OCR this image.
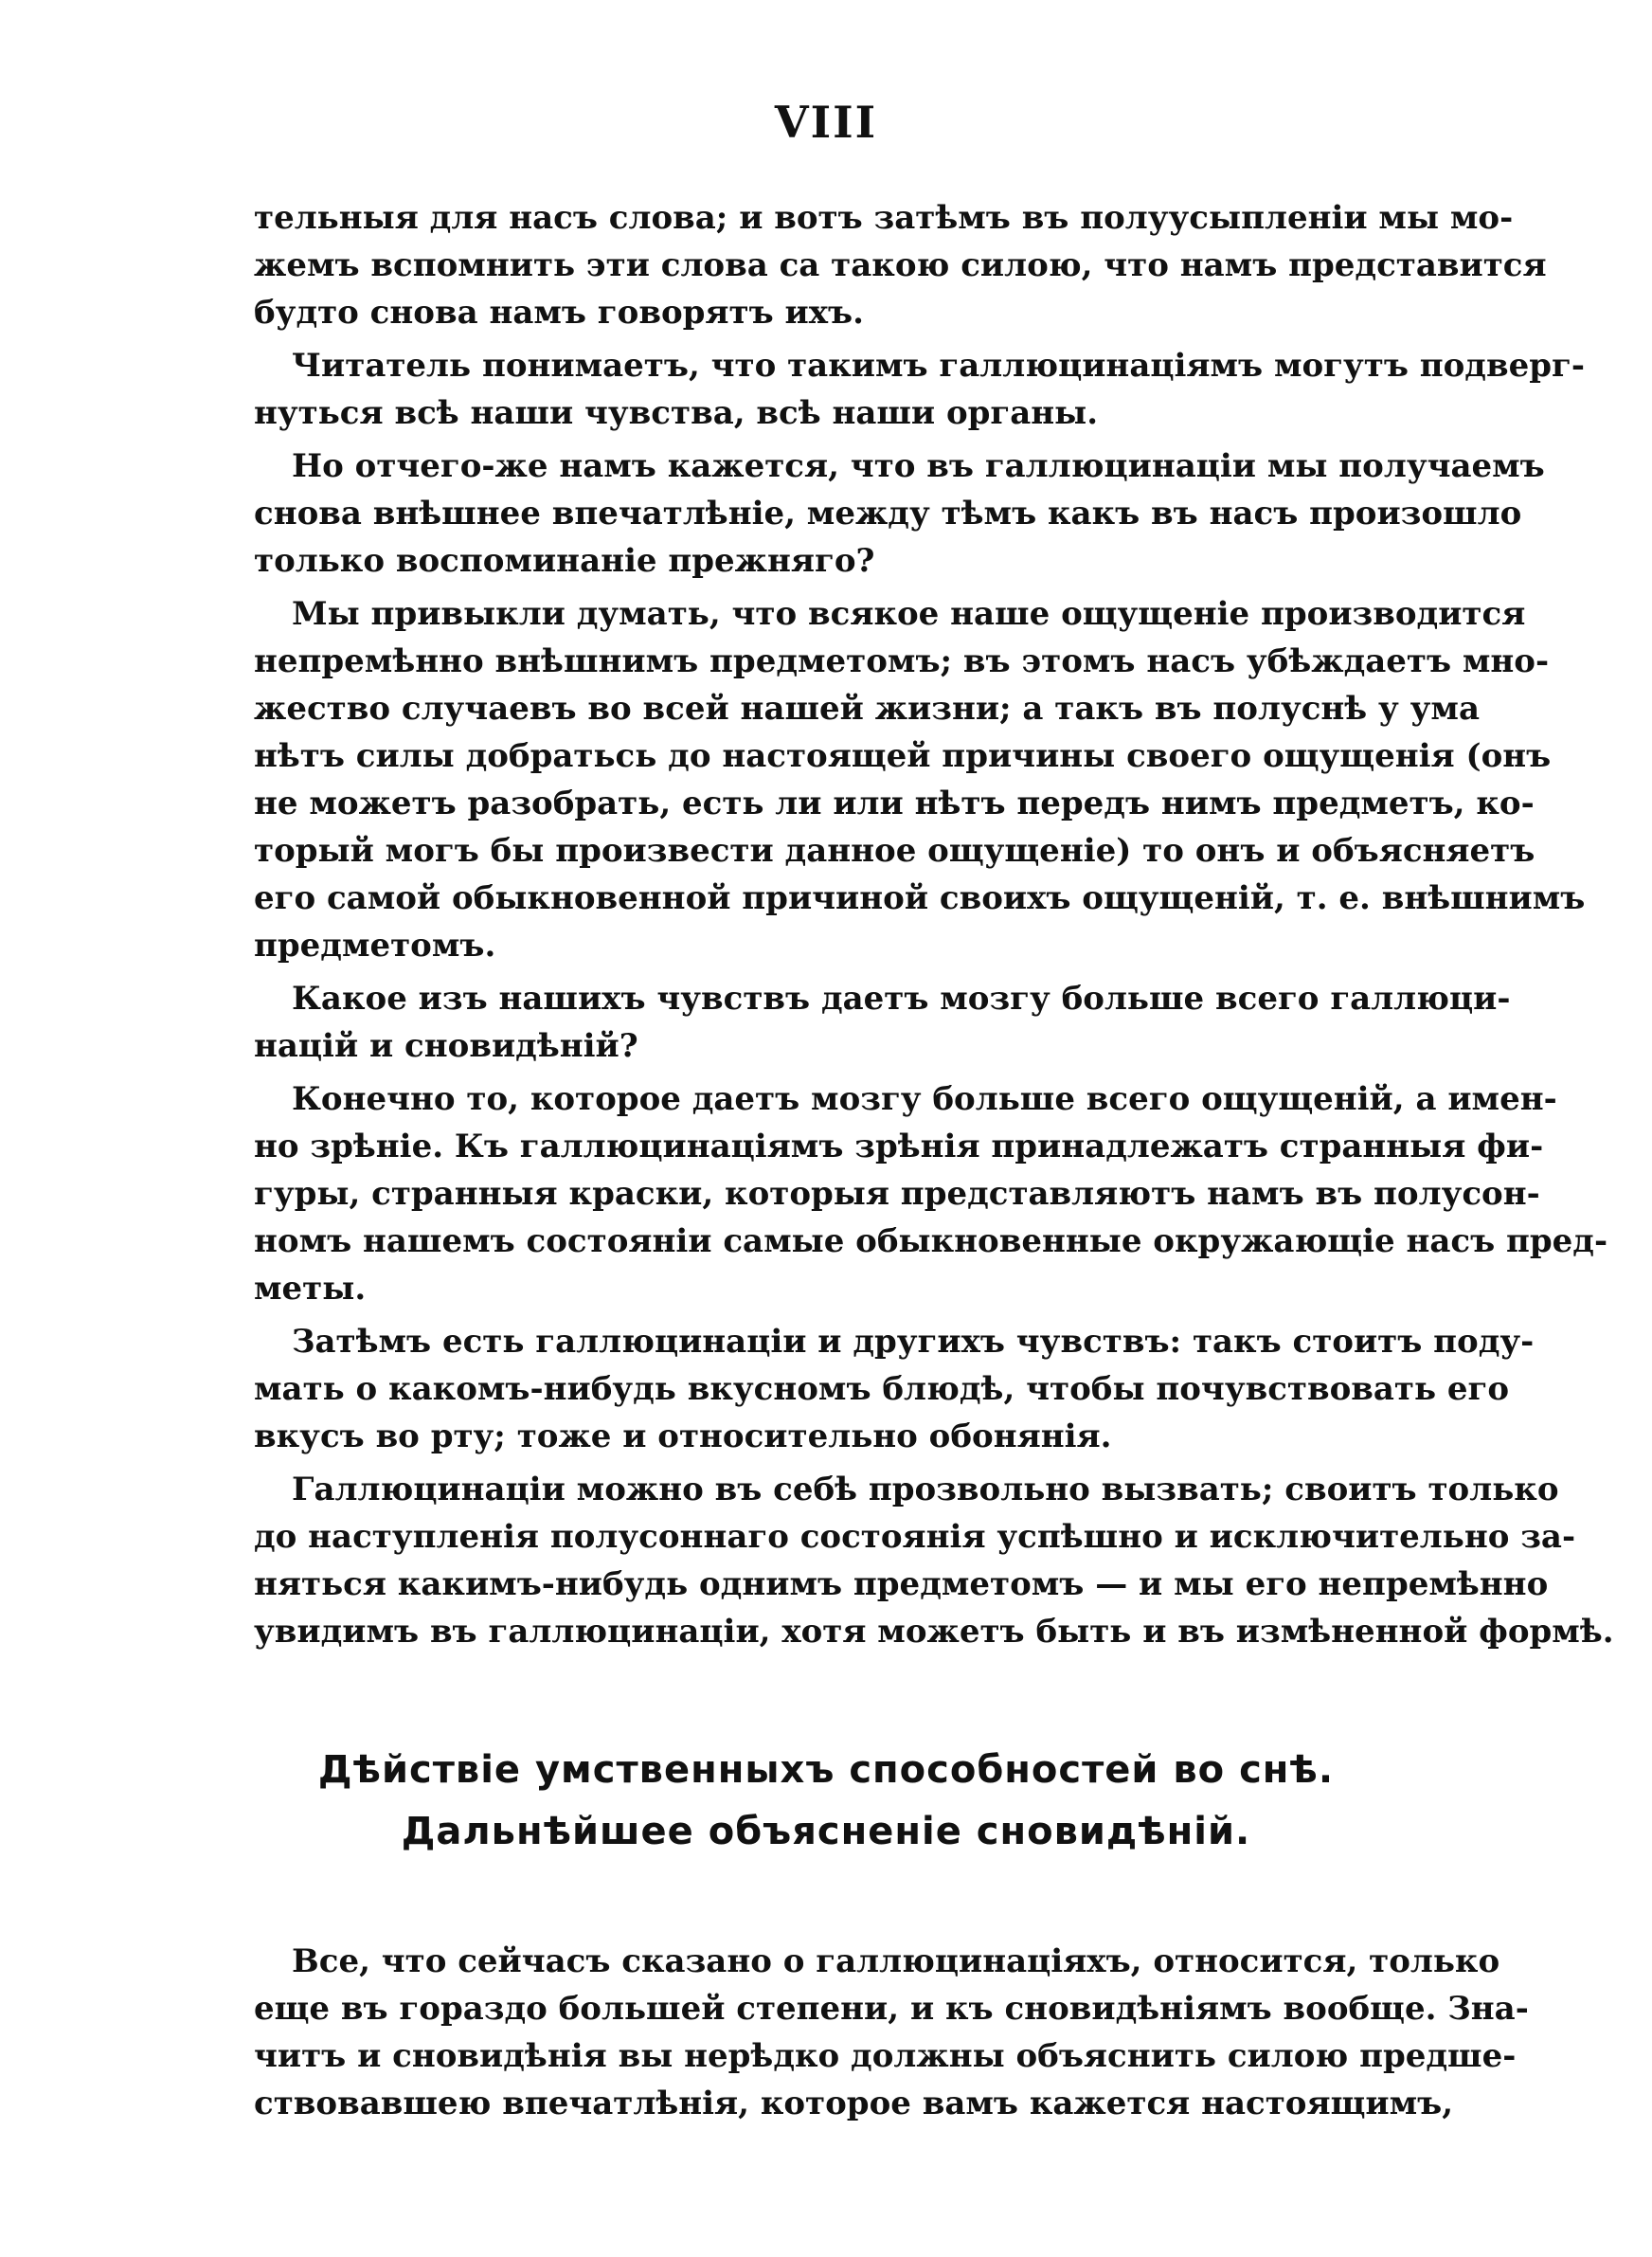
VIII
тельныя для насъ слова; и вотъ затѣмъ въ полуусыпленіи мы мо-
жемъ вспомнить эти слова са такою силою, что намъ представится
будто снова намъ говорятъ ихъ.
Читатель понимаетъ, что такимъ галлюцинаціямъ могутъ подверг-
нуться всѣ наши чувства, всѣ наши органы.
Но отчего-же намъ кажется, что въ галлюцинаціи мы получаемъ
снова внѣшнее впечатлѣніе, между тѣмъ какъ въ насъ произошло
только воспоминаніе прежняго?
Мы привыкли думать, что всякое наше ощущеніе производится
непремѣнно внѣшнимъ предметомъ; въ этомъ насъ убѣждаетъ мно-
жество случаевъ во всей нашей жизни; а такъ въ полуснѣ у ума
нѣтъ силы добратьсь до настоящей причины своего ощущенія (онъ
не можетъ разобрать, есть ли или нѣтъ передъ нимъ предметъ, ко-
торый могъ бы произвести данное ощущеніе) то онъ и объясняетъ
его самой обыкновенной причиной своихъ ощущеній, т. е. внѣшнимъ
предметомъ.
Какое изъ нашихъ чувствъ даетъ мозгу больше всего галлюци-
націй и сновидѣній?
Конечно то, которое даетъ мозгу больше всего ощущеній, а имен-
но зрѣніе. Къ галлюцинаціямъ зрѣнія принадлежатъ странныя фи-
гуры, странныя краски, которыя представляютъ намъ въ полусон-
номъ нашемъ состояніи самые обыкновенные окружающіе насъ пред-
меты.
Затѣмъ есть галлюцинаціи и другихъ чувствъ: такъ стоитъ поду-
мать о какомъ-нибудь вкусномъ блюдѣ, чтобы почувствовать его
вкусъ во рту; тоже и относительно обонянія.
Галлюцинаціи можно въ себѣ прозвольно вызвать; своитъ только
до наступленія полусоннаго состоянія успѣшно и исключительно за-
няться какимъ-нибудь однимъ предметомъ — и мы его непремѣнно
увидимъ въ галлюцинаціи, хотя можетъ быть и въ измѣненной формѣ.
Дѣйствіе умственныхъ способностей во снѣ.
Дальнѣйшее объясненіе сновидѣній.
Все, что сейчасъ сказано о галлюцинаціяхъ, относится, только
еще въ гораздо большей степени, и къ сновидѣніямъ вообще. Зна-
читъ и сновидѣнія вы нерѣдко должны объяснить силою предше-
ствовавшею впечатлѣнія, которое вамъ кажется настоящимъ,
